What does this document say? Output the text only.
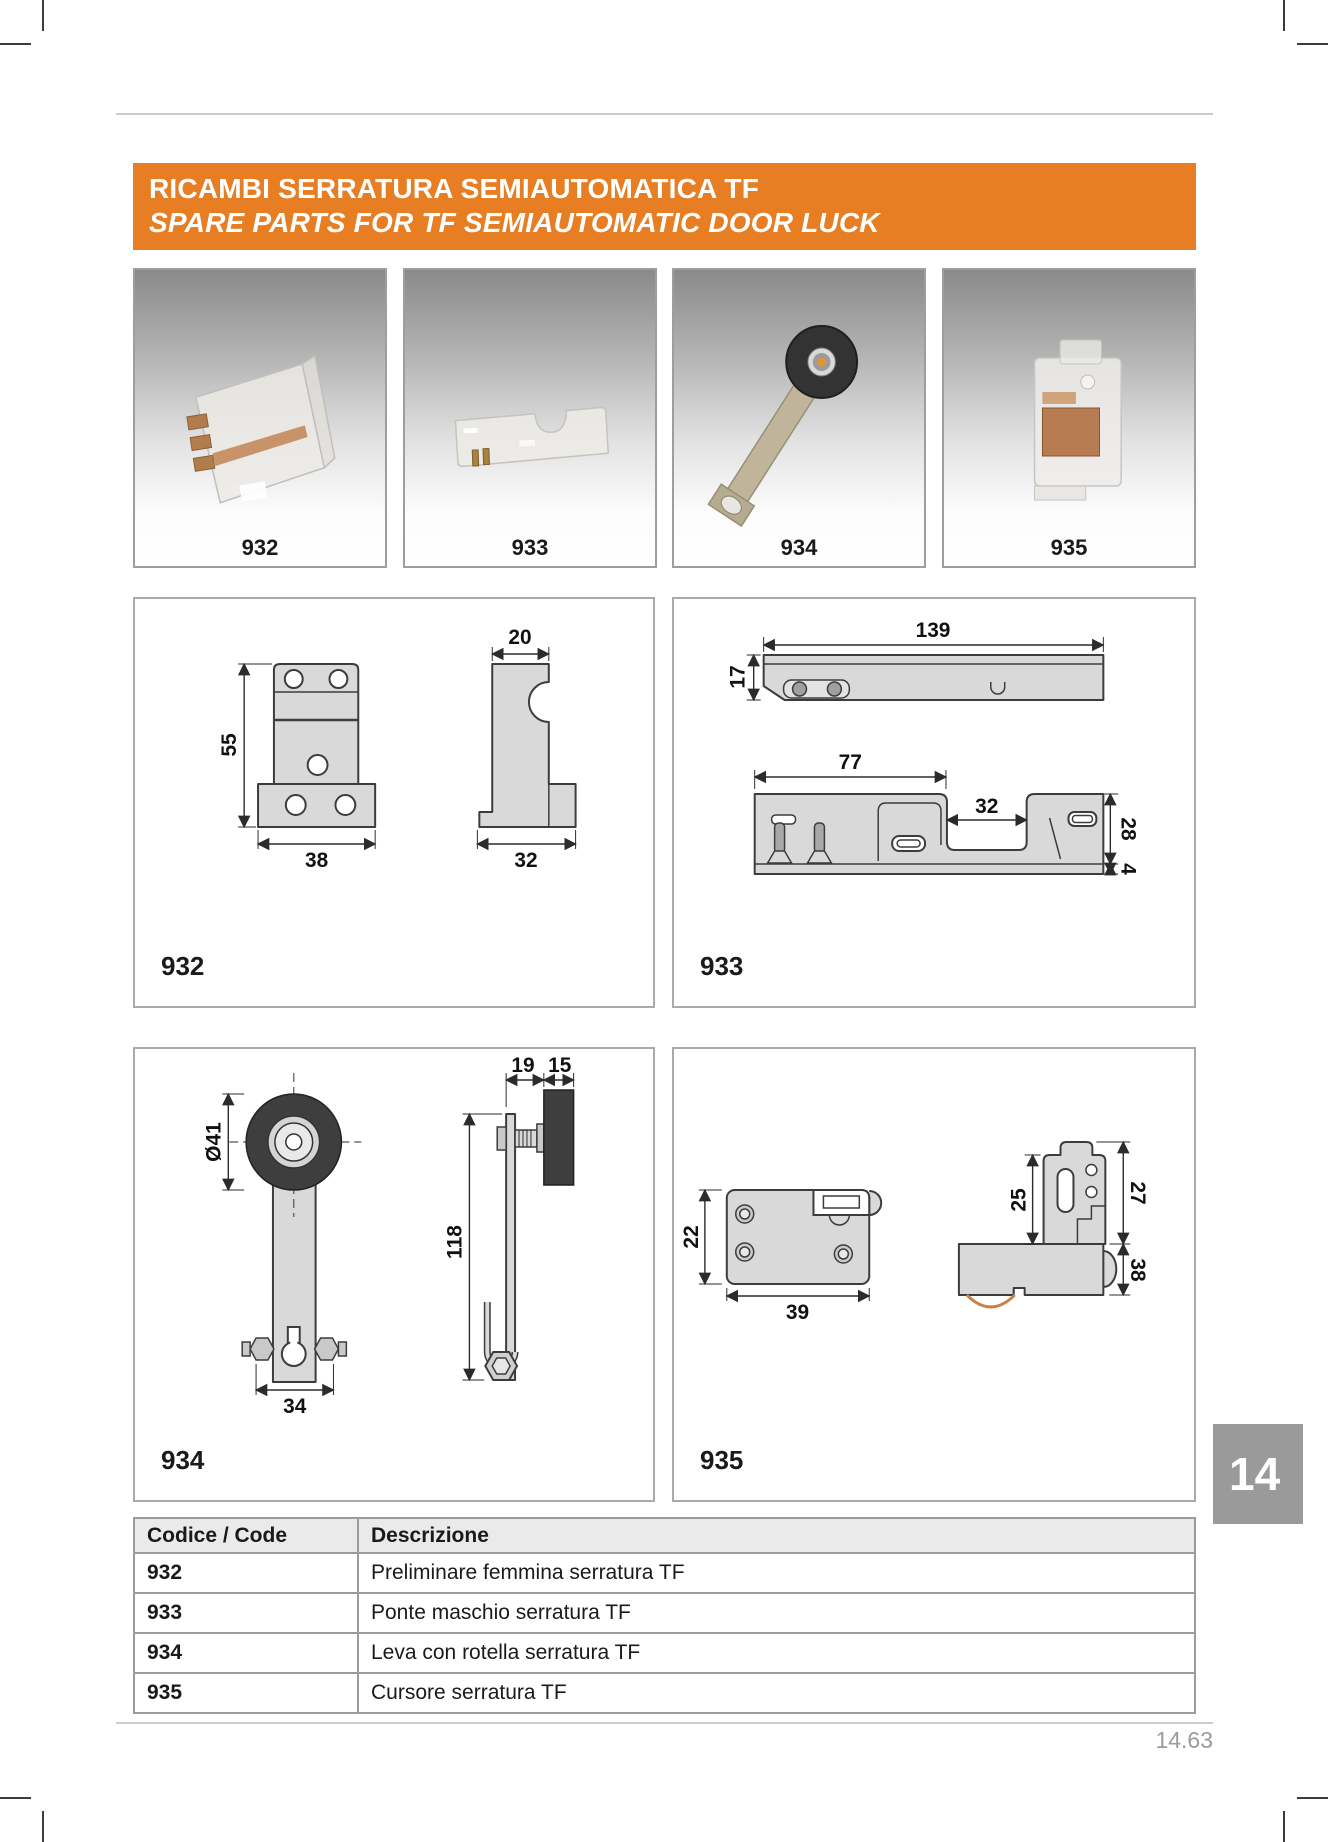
RICAMBI SERRATURA SEMIAUTOMATICA TF
SPARE PARTS FOR TF SEMIAUTOMATIC DOOR LUCK
932	933	934	935
55
38
20
32
932
139
17
77
32
28
4
933
Ø41
34
19 15
118
934
22
39
25	27
38
935	14
Codice / Code	Descrizione
932	Preliminare femmina serratura TF
933	Ponte maschio serratura TF
934	Leva con rotella serratura TF
935	Cursore serratura TF
14.63
